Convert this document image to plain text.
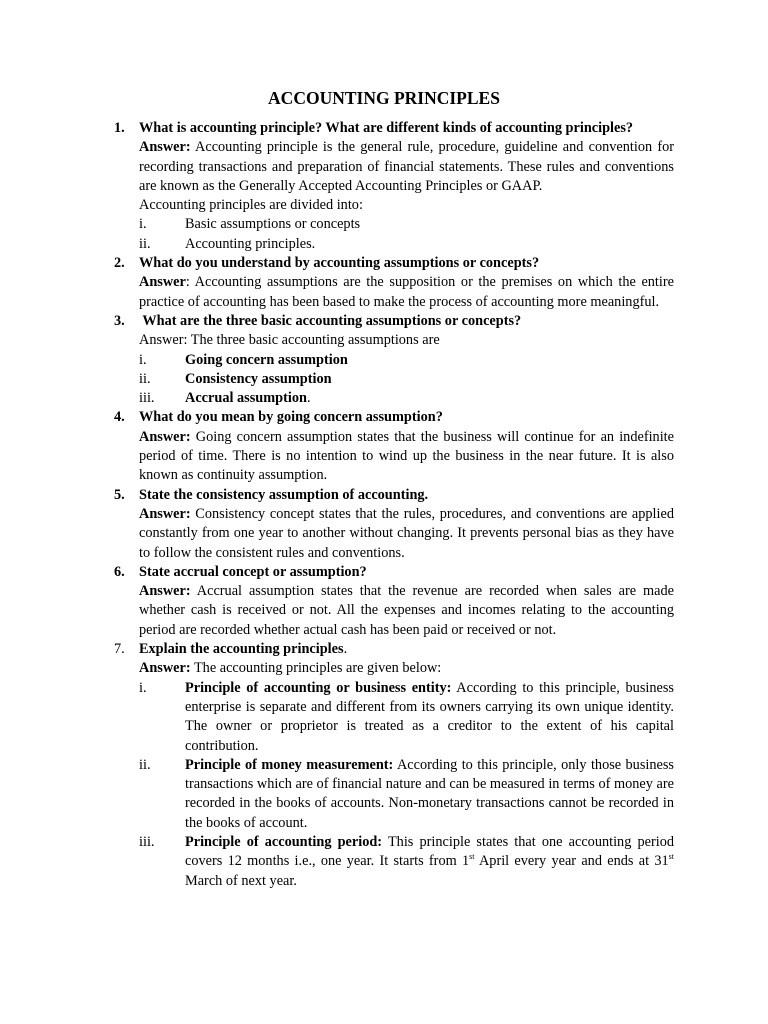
ACCOUNTING PRINCIPLES
1. What is accounting principle? What are different kinds of accounting principles?
Answer: Accounting principle is the general rule, procedure, guideline and convention for recording transactions and preparation of financial statements. These rules and conventions are known as the Generally Accepted Accounting Principles or GAAP.
Accounting principles are divided into:
i.	Basic assumptions or concepts
ii.	Accounting principles.
2. What do you understand by accounting assumptions or concepts?
Answer: Accounting assumptions are the supposition or the premises on which the entire practice of accounting has been based to make the process of accounting more meaningful.
3. What are the three basic accounting assumptions or concepts?
Answer: The three basic accounting assumptions are
i.	Going concern assumption
ii.	Consistency assumption
iii.	Accrual assumption.
4. What do you mean by going concern assumption?
Answer: Going concern assumption states that the business will continue for an indefinite period of time. There is no intention to wind up the business in the near future. It is also known as continuity assumption.
5. State the consistency assumption of accounting.
Answer: Consistency concept states that the rules, procedures, and conventions are applied constantly from one year to another without changing. It prevents personal bias as they have to follow the consistent rules and conventions.
6. State accrual concept or assumption?
Answer: Accrual assumption states that the revenue are recorded when sales are made whether cash is received or not. All the expenses and incomes relating to the accounting period are recorded whether actual cash has been paid or received or not.
7. Explain the accounting principles.
Answer: The accounting principles are given below:
i.	Principle of accounting or business entity: According to this principle, business enterprise is separate and different from its owners carrying its own unique identity. The owner or proprietor is treated as a creditor to the extent of his capital contribution.
ii.	Principle of money measurement: According to this principle, only those business transactions which are of financial nature and can be measured in terms of money are recorded in the books of accounts. Non-monetary transactions cannot be recorded in the books of account.
iii.	Principle of accounting period: This principle states that one accounting period covers 12 months i.e., one year. It starts from 1st April every year and ends at 31st March of next year.
